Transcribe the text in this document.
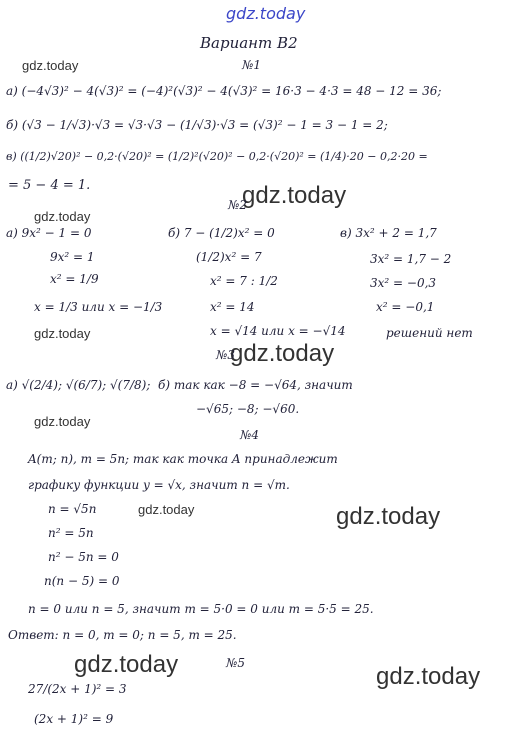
gdz.today
gdz.today
gdz.today
gdz.today
gdz.today
gdz.today
gdz.today
gdz.today
gdz.today
gdz.today	gdz.today
Вариант В2
№1
а) (−4√3)² − 4(√3)² = (−4)²(√3)² − 4(√3)² = 16·3 − 4·3 = 48 − 12 = 36;
б) (√3 − 1/√3)·√3 = √3·√3 − (1/√3)·√3 = (√3)² − 1 = 3 − 1 = 2;
в) ((1/2)√20)² − 0,2·(√20)² = (1/2)²(√20)² − 0,2·(√20)² = (1/4)·20 − 0,2·20 =
= 5 − 4 = 1.
№2
а) 9x² − 1 = 0
9x² = 1
x² = 1/9
x = 1/3 или x = −1/3
б) 7 − (1/2)x² = 0
(1/2)x² = 7
x² = 7 : 1/2
x² = 14
x = √14 или x = −√14
в) 3x² + 2 = 1,7
3x² = 1,7 − 2
3x² = −0,3
x² = −0,1
решений нет
№3
а) √(2/4); √(6/7); √(7/8); б) так как −8 = −√64, значит
−√65; −8; −√60.
№4
A(m; n), m = 5n; так как точка A принадлежит
графику функции y = √x, значит n = √m.
n = √5n
n² = 5n
n² − 5n = 0
n(n − 5) = 0
n = 0 или n = 5, значит m = 5·0 = 0 или m = 5·5 = 25.
Ответ: n = 0, m = 0; n = 5, m = 25.
№5
27/(2x + 1)² = 3
(2x + 1)² = 9
